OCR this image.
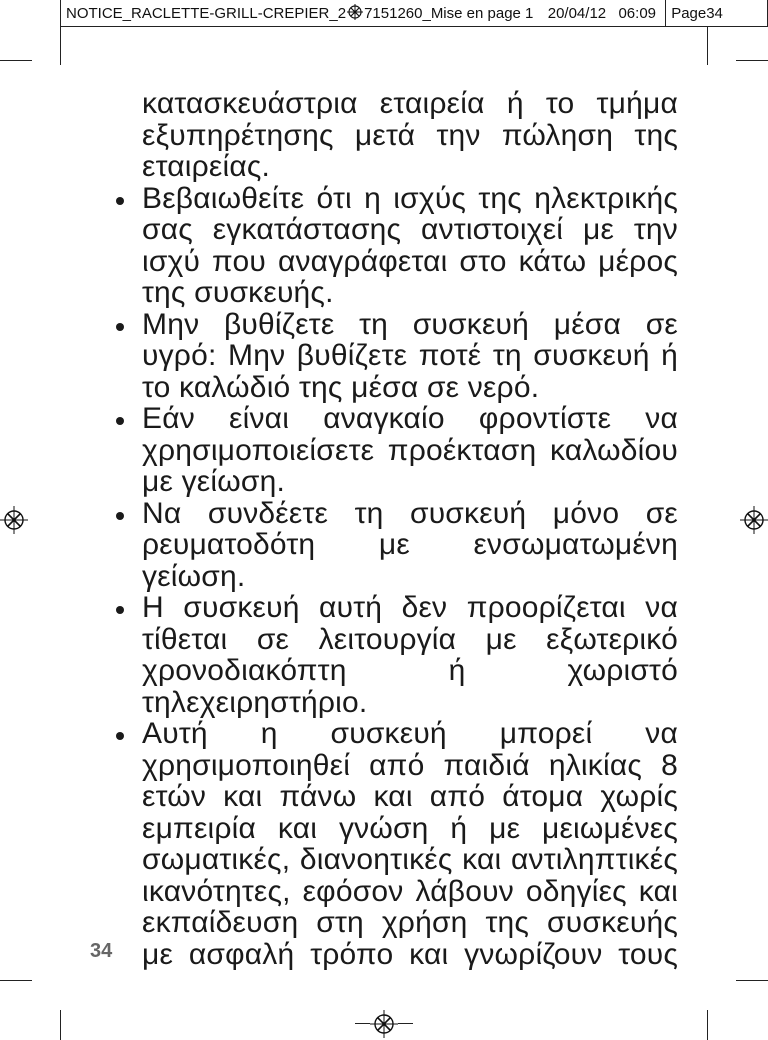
NOTICE_RACLETTE-GRILL-CREPIER_2 7151260_Mise en page 1 20/04/12 06:09 Page34

κατασκευάστρια εταιρεία ή το τμήμα εξυπηρέτησης μετά την πώληση της εταιρείας.

Βεβαιωθείτε ότι η ισχύς της ηλεκτρικής σας εγκατάστασης αντιστοιχεί με την ισχύ που αναγράφεται στο κάτω μέρος της συσκευής.
Μην βυθίζετε τη συσκευή μέσα σε υγρό: Μην βυθίζετε ποτέ τη συσκευή ή το καλώδιό της μέσα σε νερό.
Εάν είναι αναγκαίο φροντίστε να χρησιμοποιείσετε προέκταση καλωδίου με γείωση.
Να συνδέετε τη συσκευή μόνο σε ρευματοδότη με ενσωματωμένη γείωση.
Η συσκευή αυτή δεν προορίζεται να τίθεται σε λειτουργία με εξωτερικό χρονοδιακόπτη ή χωριστό τηλεχειρηστήριο.
Αυτή η συσκευή μπορεί να χρησιμοποιηθεί από παιδιά ηλικίας 8 ετών και πάνω και από άτομα χωρίς εμπειρία και γνώση ή με μειωμένες σωματικές, διανοητικές και αντιληπτικές ικανότητες, εφόσον λάβουν οδηγίες και εκπαίδευση στη χρήση της συσκευής με ασφαλή τρόπο και γνωρίζουν τους
34
